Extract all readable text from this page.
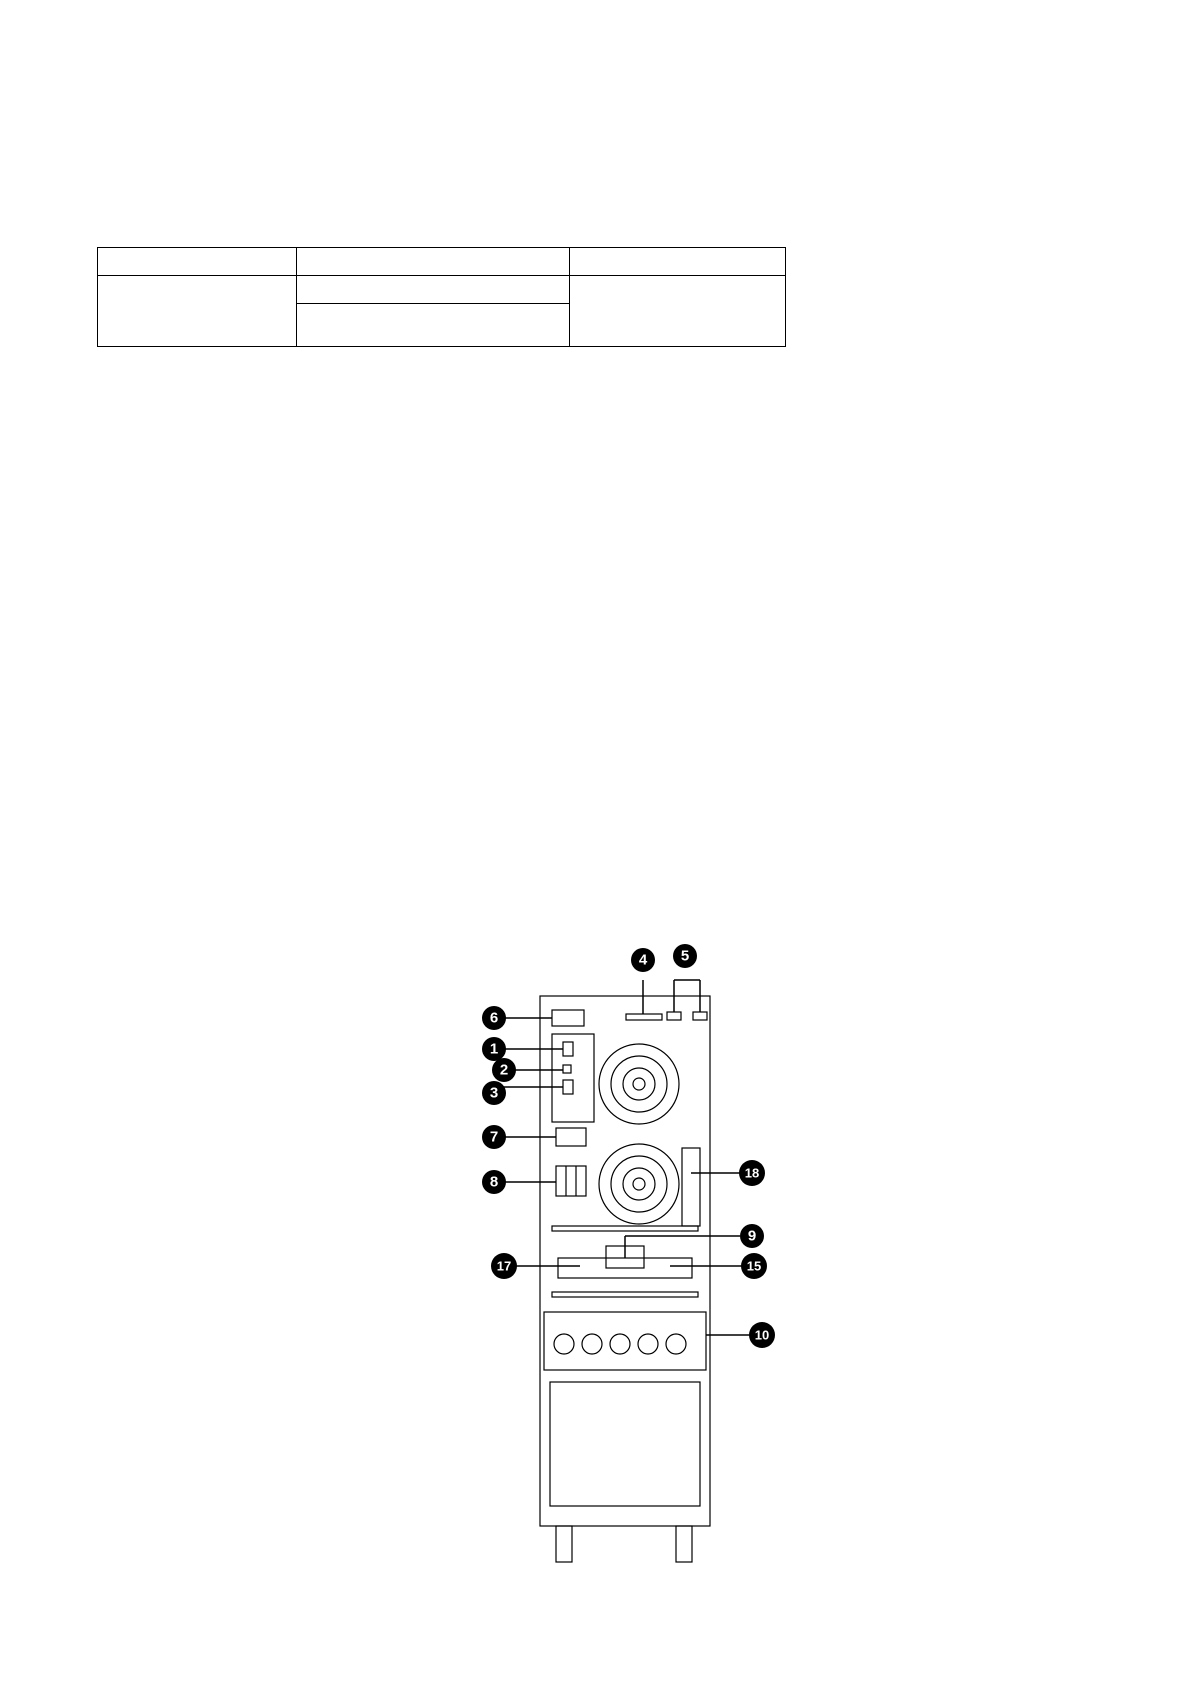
1
2
3
4 5
6
7
8
9
10
15
17
18
